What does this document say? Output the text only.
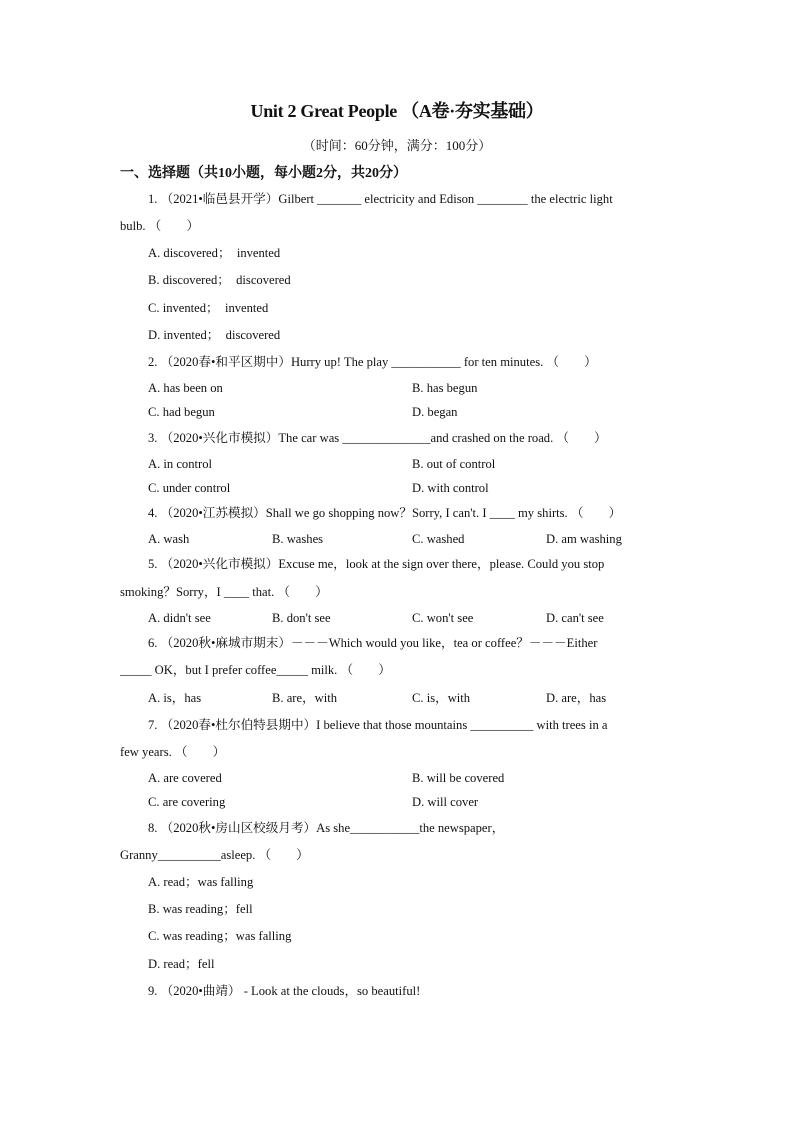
Unit 2 Great People （A卷·夯实基础）
（时间：60分钟，满分：100分）
一、选择题（共10小题，每小题2分，共20分）
1. （2021•临邑县开学）Gilbert _______ electricity and Edison ________ the electric light
bulb. （　　）
A. discovered；　invented
B. discovered；　discovered
C. invented；　invented
D. invented；　discovered
2. （2020春•和平区期中）Hurry up! The play ___________ for ten minutes. （　　）
A. has been on	B. has begun
C. had begun	D. began
3. （2020•兴化市模拟）The car was ______________and crashed on the road. （　　）
A. in control	B. out of control
C. under control	D. with control
4. （2020•江苏模拟）Shall we go shopping now？Sorry, I can't. I ____ my shirts. （　　）
A. wash	B. washes	C. washed	D. am washing
5. （2020•兴化市模拟）Excuse me，look at the sign over there，please. Could you stop
smoking？Sorry，I ____ that. （　　）
A. didn't see	B. don't see	C. won't see	D. can't see
6. （2020秋•麻城市期末）－－－Which would you like，tea or coffee？－－－Either
_____ OK，but I prefer coffee_____ milk. （　　）
A. is，has	B. are，with	C. is，with	D. are，has
7. （2020春•杜尔伯特县期中）I believe that those mountains __________ with trees in a
few years. （　　）
A. are covered	B. will be covered
C. are covering	D. will cover
8. （2020秋•房山区校级月考）As she___________the newspaper，
Granny__________asleep. （　　）
A. read；was falling
B. was reading；fell
C. was reading；was falling
D. read；fell
9. （2020•曲靖） - Look at the clouds，so beautiful!
